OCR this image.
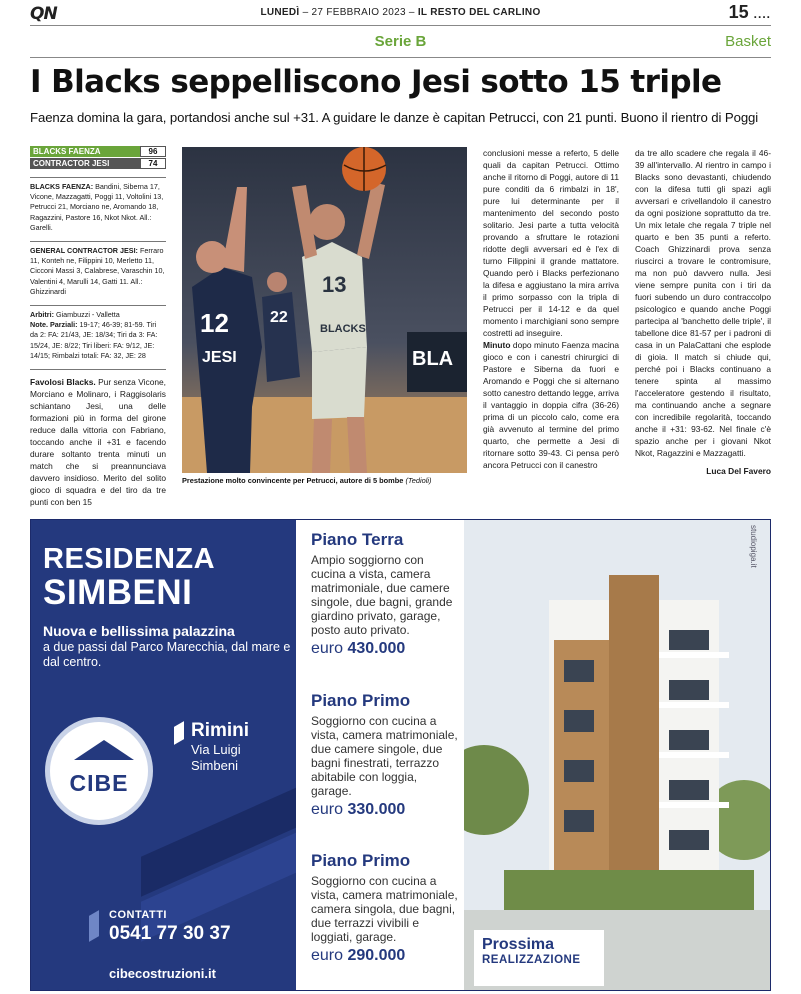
QN	LUNEDÌ – 27 FEBBRAIO 2023 – IL RESTO DEL CARLINO	15 ....
Serie B	Basket
I Blacks seppelliscono Jesi sotto 15 triple
Faenza domina la gara, portandosi anche sul +31. A guidare le danze è capitan Petrucci, con 21 punti. Buono il rientro di Poggi
BLACKS FAENZA	96
CONTRACTOR JESI	74
BLACKS FAENZA: Bandini, Siberna 17, Vicone, Mazzagatti, Poggi 11, Voltolini 13, Petrucci 21, Morciano ne, Aromando 18, Ragazzini, Pastore 16, Nkot Nkot. All.: Garelli.
GENERAL CONTRACTOR JESI: Ferraro 11, Konteh ne, Filippini 10, Merletto 11, Cicconi Massi 3, Calabrese, Varaschin 10, Valentini 4, Marulli 14, Gatti 11. All.: Ghizzinardi
Arbitri: Giambuzzi - Valletta
Note. Parziali: 19-17; 46-39; 81-59. Tiri da 2: FA: 21/43, JE: 18/34; Tiri da 3: FA: 15/24, JE: 8/22; Tiri liberi: FA: 9/12, JE: 14/15; Rimbalzi totali: FA: 32, JE: 28
Favolosi Blacks. Pur senza Vicone, Morciano e Molinaro, i Raggisolaris schiantano Jesi, una delle formazioni più in forma del girone reduce dalla vittoria con Fabriano, toccando anche il +31 e facendo durare soltanto trenta minuti un match che si preannunciava davvero insidioso. Merito del solito gioco di squadra e del tiro da tre punti con ben 15
BLA
12
JESI
22
13
BLACKS
Prestazione molto convincente per Petrucci, autore di 5 bombe (Tedioli)

conclusioni messe a referto, 5 delle quali da capitan Petrucci. Ottimo anche il ritorno di Poggi, autore di 11 pure conditi da 6 rimbalzi in 18', pure lui determinante per il mantenimento del secondo posto solitario. Jesi parte a tutta velocità provando a sfruttare le rotazioni ridotte degli avversari ed è l'ex di turno Filippini il grande mattatore. Quando però i Blacks perfezionano la difesa e aggiustano la mira arriva il primo sorpasso con la tripla di Petrucci per il 14-12 e da quel momento i marchigiani sono sempre costretti ad inseguire.

Minuto dopo minuto Faenza macina gioco e con i canestri chirurgici di Pastore e Siberna da fuori e Aromando e Poggi che si alternano sotto canestro dettando legge, arriva il vantaggio in doppia cifra (36-26) prima di un piccolo calo, come era già avvenuto al termine del primo quarto, che permette a Jesi di ritornare sotto 39-43. Ci pensa però ancora Petrucci con il canestro

da tre allo scadere che regala il 46-39 all'intervallo. Al rientro in campo i Blacks sono devastanti, chiudendo con la difesa tutti gli spazi agli avversari e crivellandolo il canestro da ogni posizione soprattutto da tre. Un mix letale che regala 7 triple nel quarto e ben 35 punti a referto. Coach Ghizzinardi prova senza riuscirci a trovare le contromisure, ma non può davvero nulla. Jesi viene sempre punita con i tiri da fuori subendo un duro contraccolpo psicologico e quando anche Poggi partecipa al 'banchetto delle triple', il tabellone dice 81-57 per i padroni di casa in un PalaCattani che esplode di gioia. Il match si chiude qui, perché poi i Blacks continuano a tenere spinta al massimo l'acceleratore gestendo il risultato, ma continuando anche a segnare con incredibile regolarità, toccando anche il +31: 93-62. Nel finale c'è spazio anche per i giovani Nkot Nkot, Ragazzini e Mazzagatti.

Luca Del Favero
RESIDENZA
SIMBENI
Nuova e bellissima palazzina
a due passi dal Parco Marecchia, dal mare e dal centro.
CIBE
Rimini
Via Luigi
Simbeni
CONTATTI
0541 77 30 37
cibecostruzioni.it
Piano Terra
Ampio soggiorno con cucina a vista, camera matrimoniale, due camere singole, due bagni, grande giardino privato, garage, posto auto privato.
euro 430.000
Piano Primo
Soggiorno con cucina a vista, camera matrimoniale, due camere singole, due bagni finestrati, terrazzo abitabile con loggia, garage.
euro 330.000
Piano Primo
Soggiorno con cucina a vista, camera matrimoniale, camera singola, due bagni, due terrazzi vivibili e loggiati, garage.
euro 290.000
studiopiga.it
Prossima
REALIZZAZIONE
